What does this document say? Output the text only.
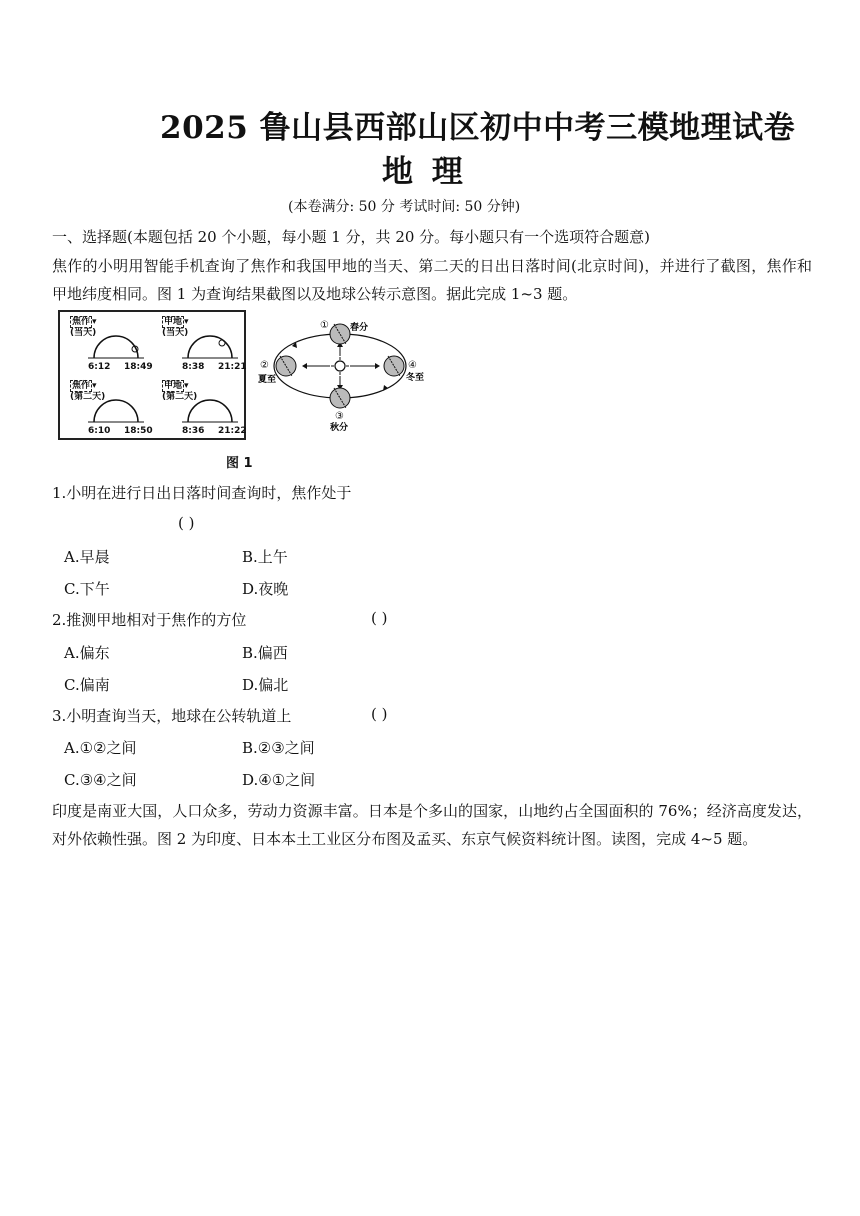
2025 鲁山县西部山区初中中考三模地理试卷
地 理
(本卷满分: 50 分 考试时间: 50 分钟)
一、选择题(本题包括 20 个小题，每小题 1 分，共 20 分。每小题只有一个选项符合题意)
焦作的小明用智能手机查询了焦作和我国甲地的当天、第二天的日出日落时间(北京时间)，并进行了截图，焦作和甲地纬度相同。图 1 为查询结果截图以及地球公转示意图。据此完成 1~3 题。
焦作 ▾
(当天)
6:12 18:49
甲地 ▾
(当天)
8:38 21:21
焦作 ▾
(第二天)
6:10 18:50
甲地 ▾
(第二天)
8:36 21:22
① 春分
②
夏至
③
秋分
④
冬至
图 1
1.小明在进行日出日落时间查询时，焦作处于
( )
A.早晨	B.上午
C.下午	D.夜晚
2.推测甲地相对于焦作的方位	( )
A.偏东	B.偏西
C.偏南	D.偏北
3.小明查询当天，地球在公转轨道上	( )
A.①②之间	B.②③之间
C.③④之间	D.④①之间
印度是南亚大国，人口众多，劳动力资源丰富。日本是个多山的国家，山地约占全国面积的 76%；经济高度发达，对外依赖性强。图 2 为印度、日本本土工业区分布图及孟买、东京气候资料统计图。读图，完成 4~5 题。
